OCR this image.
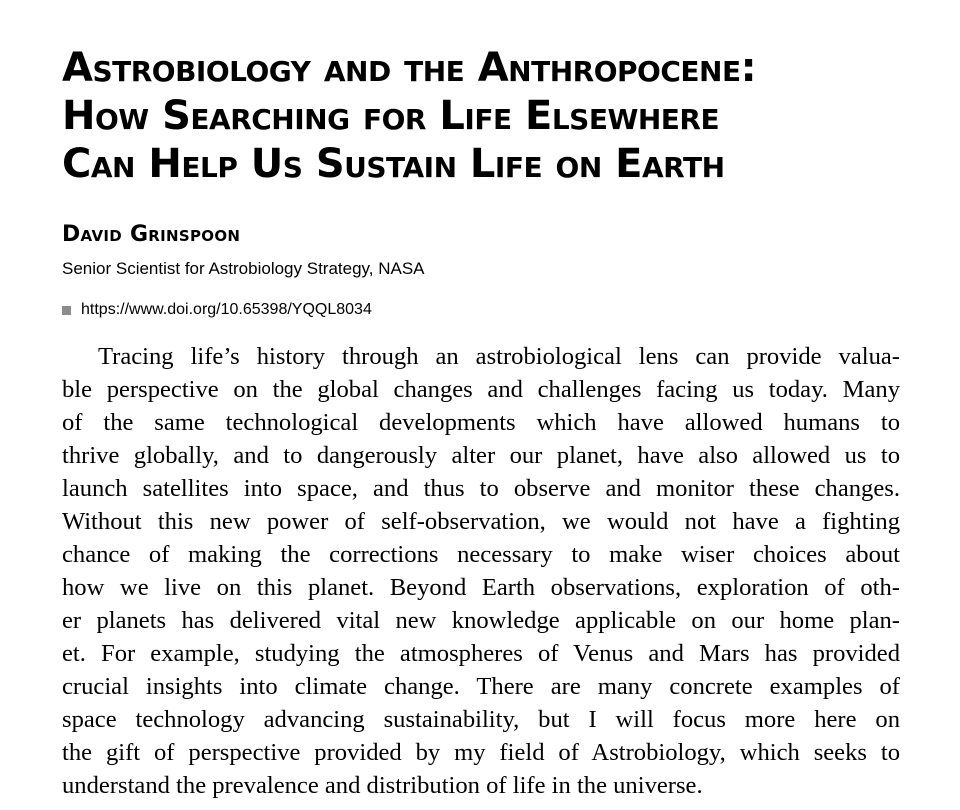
Astrobiology and the Anthropocene:
How Searching for Life Elsewhere
Can Help Us Sustain Life on Earth
David Grinspoon
Senior Scientist for Astrobiology Strategy, NASA
https://www.doi.org/10.65398/YQQL8034
Tracing life’s history through an astrobiological lens can provide valua-
ble perspective on the global changes and challenges facing us today. Many
of the same technological developments which have allowed humans to
thrive globally, and to dangerously alter our planet, have also allowed us to
launch satellites into space, and thus to observe and monitor these changes.
Without this new power of self-observation, we would not have a fighting
chance of making the corrections necessary to make wiser choices about
how we live on this planet. Beyond Earth observations, exploration of oth-
er planets has delivered vital new knowledge applicable on our home plan-
et. For example, studying the atmospheres of Venus and Mars has provided
crucial insights into climate change. There are many concrete examples of
space technology advancing sustainability, but I will focus more here on
the gift of perspective provided by my field of Astrobiology, which seeks to
understand the prevalence and distribution of life in the universe.
